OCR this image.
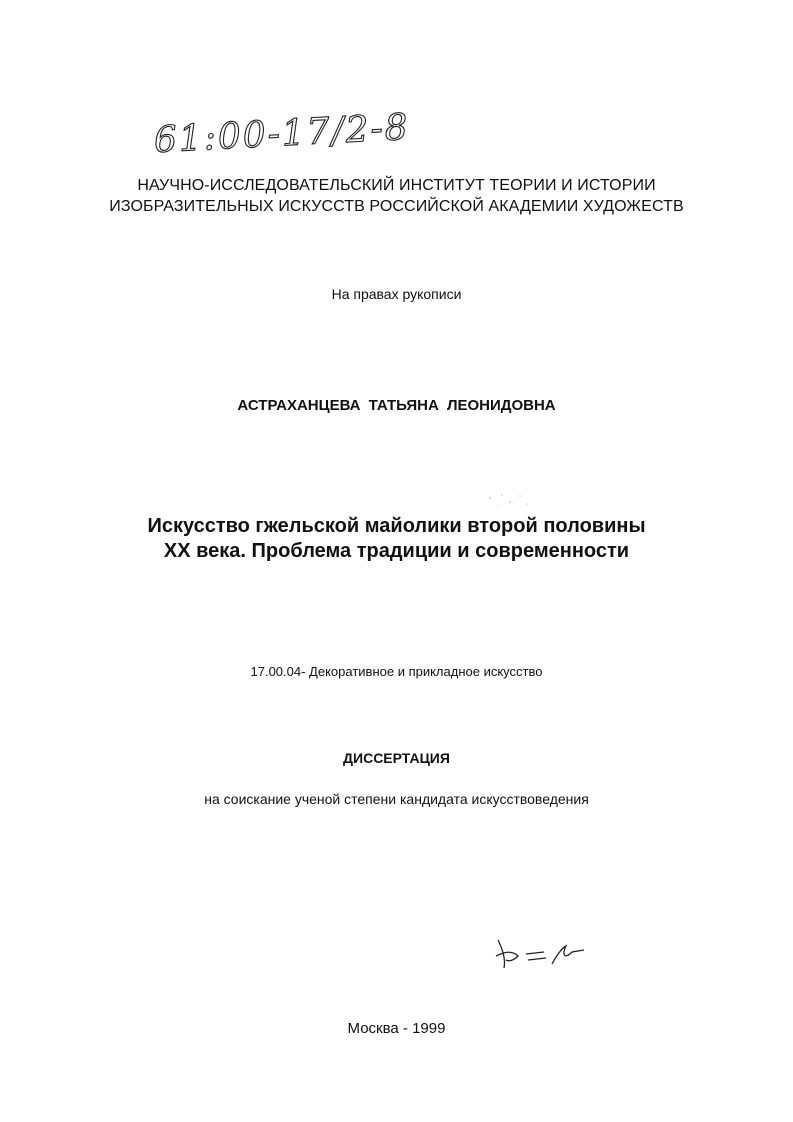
61:00-17/2-8
НАУЧНО-ИССЛЕДОВАТЕЛЬСКИЙ ИНСТИТУТ ТЕОРИИ И ИСТОРИИ
ИЗОБРАЗИТЕЛЬНЫХ ИСКУССТВ РОССИЙСКОЙ АКАДЕМИИ ХУДОЖЕСТВ
На правах рукописи
АСТРАХАНЦЕВА ТАТЬЯНА ЛЕОНИДОВНА
Искусство гжельской майолики второй половины
XX века. Проблема традиции и современности
17.00.04- Декоративное и прикладное искусство
ДИССЕРТАЦИЯ
на соискание ученой степени кандидата искусствоведения
Москва - 1999
